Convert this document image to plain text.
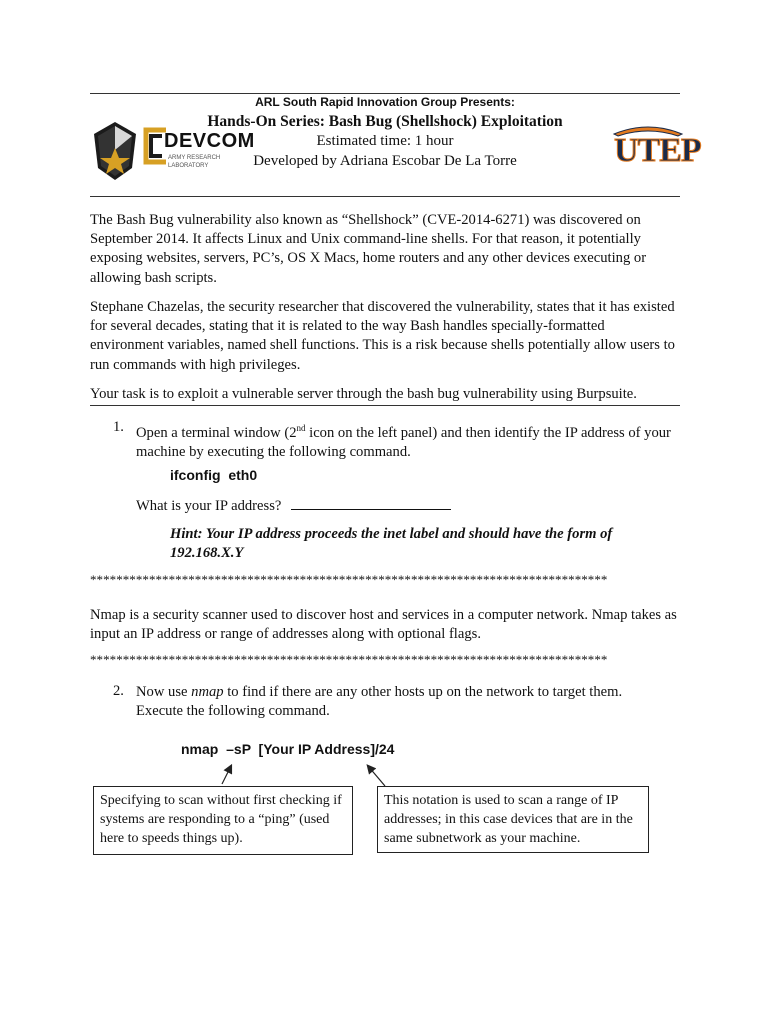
DEVCOM
ARMY RESEARCH
LABORATORY	UTEP
ARL South Rapid Innovation Group Presents:
Hands-On Series: Bash Bug (Shellshock) Exploitation
Estimated time: 1 hour
Developed by Adriana Escobar De La Torre

The Bash Bug vulnerability also known as “Shellshock” (CVE-2014-6271) was discovered on September 2014. It affects Linux and Unix command-line shells. For that reason, it potentially exposing websites, servers, PC’s, OS X Macs, home routers and any other devices executing or allowing bash scripts.

Stephane Chazelas, the security researcher that discovered the vulnerability, states that it has existed for several decades, stating that it is related to the way Bash handles specially-formatted environment variables, named shell functions. This is a risk because shells potentially allow users to run commands with high privileges.

Your task is to exploit a vulnerable server through the bash bug vulnerability using Burpsuite.

1. Open a terminal window (2nd icon on the left panel) and then identify the IP address of your machine by executing the following command.

ifconfig  eth0
What is your IP address?
Hint: Your IP address proceeds the inet label and should have the form of 192.168.X.Y
*******************************************************************************

Nmap is a security scanner used to discover host and services in a computer network. Nmap takes as input an IP address or range of addresses along with optional flags.

*******************************************************************************
2. Now use nmap to find if there are any other hosts up on the network to target them. Execute the following command.

nmap  –sP  [Your IP Address]/24
Specifying to scan without first checking if systems are responding to a “ping” (used here to speeds things up).
This notation is used to scan a range of IP addresses; in this case devices that are in the same subnetwork as your machine.
